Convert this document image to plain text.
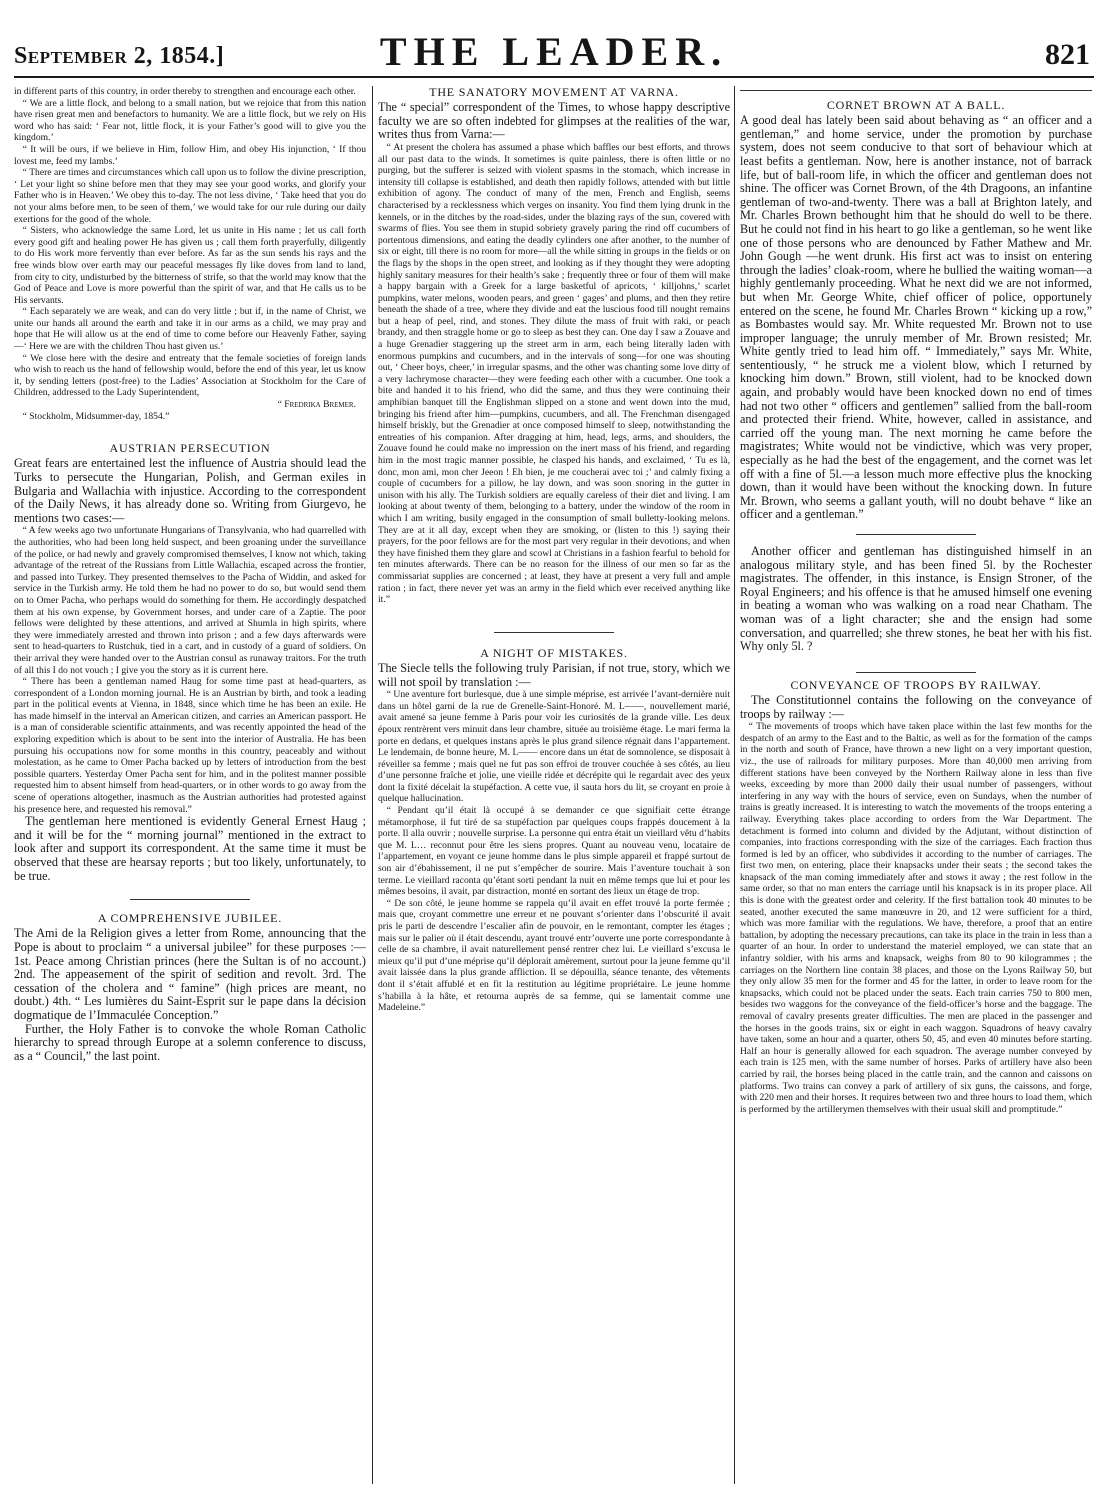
September 2, 1854.]	THE LEADER.	821

in different parts of this country, in order thereby to strengthen and encourage each other.

“ We are a little flock, and belong to a small nation, but we rejoice that from this nation have risen great men and benefactors to humanity. We are a little flock, but we rely on His word who has said: ‘ Fear not, little flock, it is your Father’s good will to give you the kingdom.’

“ It will be ours, if we believe in Him, follow Him, and obey His injunction, ‘ If thou lovest me, feed my lambs.’

“ There are times and circumstances which call upon us to follow the divine prescription, ‘ Let your light so shine before men that they may see your good works, and glorify your Father who is in Heaven.’ We obey this to-day. The not less divine, ‘ Take heed that you do not your alms before men, to be seen of them,’ we would take for our rule during our daily exertions for the good of the whole.

“ Sisters, who acknowledge the same Lord, let us unite in His name ; let us call forth every good gift and healing power He has given us ; call them forth prayerfully, diligently to do His work more fervently than ever before. As far as the sun sends his rays and the free winds blow over earth may our peaceful messages fly like doves from land to land, from city to city, undisturbed by the bitterness of strife, so that the world may know that the God of Peace and Love is more powerful than the spirit of war, and that He calls us to be His servants.

“ Each separately we are weak, and can do very little ; but if, in the name of Christ, we unite our hands all around the earth and take it in our arms as a child, we may pray and hope that He will allow us at the end of time to come before our Heavenly Father, saying—‘ Here we are with the children Thou hast given us.’

“ We close here with the desire and entreaty that the female societies of foreign lands who wish to reach us the hand of fellowship would, before the end of this year, let us know it, by sending letters (post-free) to the Ladies’ Association at Stockholm for the Care of Children, addressed to the Lady Superintendent,

“ Fredrika Bremer.

“ Stockholm, Midsummer-day, 1854.”

AUSTRIAN PERSECUTION

Great fears are entertained lest the influence of Austria should lead the Turks to persecute the Hungarian, Polish, and German exiles in Bulgaria and Wallachia with injustice. According to the correspondent of the Daily News, it has already done so. Writing from Giurgevo, he mentions two cases:—

“ A few weeks ago two unfortunate Hungarians of Transylvania, who had quarrelled with the authorities, who had been long held suspect, and been groaning under the surveillance of the police, or had newly and gravely compromised themselves, I know not which, taking advantage of the retreat of the Russians from Little Wallachia, escaped across the frontier, and passed into Turkey. They presented themselves to the Pacha of Widdin, and asked for service in the Turkish army. He told them he had no power to do so, but would send them on to Omer Pacha, who perhaps would do something for them. He accordingly despatched them at his own expense, by Government horses, and under care of a Zaptie. The poor fellows were delighted by these attentions, and arrived at Shumla in high spirits, where they were immediately arrested and thrown into prison ; and a few days afterwards were sent to head-quarters to Rustchuk, tied in a cart, and in custody of a guard of soldiers. On their arrival they were handed over to the Austrian consul as runaway traitors. For the truth of all this I do not vouch ; I give you the story as it is current here.

“ There has been a gentleman named Haug for some time past at head-quarters, as correspondent of a London morning journal. He is an Austrian by birth, and took a leading part in the political events at Vienna, in 1848, since which time he has been an exile. He has made himself in the interval an American citizen, and carries an American passport. He is a man of considerable scientific attainments, and was recently appointed the head of the exploring expedition which is about to be sent into the interior of Australia. He has been pursuing his occupations now for some months in this country, peaceably and without molestation, as he came to Omer Pacha backed up by letters of introduction from the best possible quarters. Yesterday Omer Pacha sent for him, and in the politest manner possible requested him to absent himself from head-quarters, or in other words to go away from the scene of operations altogether, inasmuch as the Austrian authorities had protested against his presence here, and requested his removal.”

The gentleman here mentioned is evidently General Ernest Haug ; and it will be for the “ morning journal” mentioned in the extract to look after and support its correspondent. At the same time it must be observed that these are hearsay reports ; but too likely, unfortunately, to be true.

A COMPREHENSIVE JUBILEE.

The Ami de la Religion gives a letter from Rome, announcing that the Pope is about to proclaim “ a universal jubilee” for these purposes :—1st. Peace among Christian princes (here the Sultan is of no account.) 2nd. The appeasement of the spirit of sedition and revolt. 3rd. The cessation of the cholera and “ famine” (high prices are meant, no doubt.) 4th. “ Les lumières du Saint-Esprit sur le pape dans la décision dogmatique de l’Immaculée Conception.”

Further, the Holy Father is to convoke the whole Roman Catholic hierarchy to spread through Europe at a solemn conference to discuss, as a “ Council,” the last point.

THE SANATORY MOVEMENT AT VARNA.

The “ special” correspondent of the Times, to whose happy descriptive faculty we are so often indebted for glimpses at the realities of the war, writes thus from Varna:—

“ At present the cholera has assumed a phase which baffles our best efforts, and throws all our past data to the winds. It sometimes is quite painless, there is often little or no purging, but the sufferer is seized with violent spasms in the stomach, which increase in intensity till collapse is established, and death then rapidly follows, attended with but little exhibition of agony. The conduct of many of the men, French and English, seems characterised by a recklessness which verges on insanity. You find them lying drunk in the kennels, or in the ditches by the road-sides, under the blazing rays of the sun, covered with swarms of flies. You see them in stupid sobriety gravely paring the rind off cucumbers of portentous dimensions, and eating the deadly cylinders one after another, to the number of six or eight, till there is no room for more—all the while sitting in groups in the fields or on the flags by the shops in the open street, and looking as if they thought they were adopting highly sanitary measures for their health’s sake ; frequently three or four of them will make a happy bargain with a Greek for a large basketful of apricots, ‘ killjohns,’ scarlet pumpkins, water melons, wooden pears, and green ‘ gages’ and plums, and then they retire beneath the shade of a tree, where they divide and eat the luscious food till nought remains but a heap of peel, rind, and stones. They dilute the mass of fruit with raki, or peach brandy, and then straggle home or go to sleep as best they can. One day I saw a Zouave and a huge Grenadier staggering up the street arm in arm, each being literally laden with enormous pumpkins and cucumbers, and in the intervals of song—for one was shouting out, ‘ Cheer boys, cheer,’ in irregular spasms, and the other was chanting some love ditty of a very lachrymose character—they were feeding each other with a cucumber. One took a bite and handed it to his friend, who did the same, and thus they were continuing their amphibian banquet till the Englishman slipped on a stone and went down into the mud, bringing his friend after him—pumpkins, cucumbers, and all. The Frenchman disengaged himself briskly, but the Grenadier at once composed himself to sleep, notwithstanding the entreaties of his companion. After dragging at him, head, legs, arms, and shoulders, the Zouave found he could make no impression on the inert mass of his friend, and regarding him in the most tragic manner possible, he clasped his hands, and exclaimed, ‘ Tu es là, donc, mon ami, mon cher Jeeon ! Eh bien, je me coucherai avec toi ;’ and calmly fixing a couple of cucumbers for a pillow, he lay down, and was soon snoring in the gutter in unison with his ally. The Turkish soldiers are equally careless of their diet and living. I am looking at about twenty of them, belonging to a battery, under the window of the room in which I am writing, busily engaged in the consumption of small bulletty-looking melons. They are at it all day, except when they are smoking, or (listen to this !) saying their prayers, for the poor fellows are for the most part very regular in their devotions, and when they have finished them they glare and scowl at Christians in a fashion fearful to behold for ten minutes afterwards. There can be no reason for the illness of our men so far as the commissariat supplies are concerned ; at least, they have at present a very full and ample ration ; in fact, there never yet was an army in the field which ever received anything like it.”

A NIGHT OF MISTAKES.

The Siecle tells the following truly Parisian, if not true, story, which we will not spoil by translation :—

“ Une aventure fort burlesque, due à une simple méprise, est arrivée l’avant-dernière nuit dans un hôtel garni de la rue de Grenelle-Saint-Honoré. M. L——, nouvellement marié, avait amené sa jeune femme à Paris pour voir les curiosités de la grande ville. Les deux époux rentrèrent vers minuit dans leur chambre, située au troisième étage. Le mari ferma la porte en dedans, et quelques instans après le plus grand silence régnait dans l’appartement. Le lendemain, de bonne heure, M. L—— encore dans un état de somnolence, se disposait à réveiller sa femme ; mais quel ne fut pas son effroi de trouver couchée à ses côtés, au lieu d’une personne fraîche et jolie, une vieille ridée et décrépite qui le regardait avec des yeux dont la fixité décelait la stupéfaction. A cette vue, il sauta hors du lit, se croyant en proie à quelque hallucination.

“ Pendant qu’il était là occupé à se demander ce que signifiait cette étrange métamorphose, il fut tiré de sa stupéfaction par quelques coups frappés doucement à la porte. Il alla ouvrir ; nouvelle surprise. La personne qui entra était un vieillard vêtu d’habits que M. L… reconnut pour être les siens propres. Quant au nouveau venu, locataire de l’appartement, en voyant ce jeune homme dans le plus simple appareil et frappé surtout de son air d’ébahissement, il ne put s’empêcher de sourire. Mais l’aventure touchait à son terme. Le vieillard raconta qu’étant sorti pendant la nuit en même temps que lui et pour les mêmes besoins, il avait, par distraction, monté en sortant des lieux un étage de trop.

“ De son côté, le jeune homme se rappela qu’il avait en effet trouvé la porte fermée ; mais que, croyant commettre une erreur et ne pouvant s’orienter dans l’obscurité il avait pris le parti de descendre l’escalier afin de pouvoir, en le remontant, compter les étages ; mais sur le palier où il était descendu, ayant trouvé entr’ouverte une porte correspondante à celle de sa chambre, il avait naturellement pensé rentrer chez lui. Le vieillard s’excusa le mieux qu’il put d’une méprise qu’il déplorait amèrement, surtout pour la jeune femme qu’il avait laissée dans la plus grande affliction. Il se dépouilla, séance tenante, des vêtements dont il s’était affublé et en fit la restitution au légitime propriétaire. Le jeune homme s’habilla à la hâte, et retourna auprès de sa femme, qui se lamentait comme une Madeleine.”

CORNET BROWN AT A BALL.

A good deal has lately been said about behaving as “ an officer and a gentleman,” and home service, under the promotion by purchase system, does not seem conducive to that sort of behaviour which at least befits a gentleman. Now, here is another instance, not of barrack life, but of ball-room life, in which the officer and gentleman does not shine. The officer was Cornet Brown, of the 4th Dragoons, an infantine gentleman of two-and-twenty. There was a ball at Brighton lately, and Mr. Charles Brown bethought him that he should do well to be there. But he could not find in his heart to go like a gentleman, so he went like one of those persons who are denounced by Father Mathew and Mr. John Gough —he went drunk. His first act was to insist on entering through the ladies’ cloak-room, where he bullied the waiting woman—a highly gentlemanly proceeding. What he next did we are not informed, but when Mr. George White, chief officer of police, opportunely entered on the scene, he found Mr. Charles Brown “ kicking up a row,” as Bombastes would say. Mr. White requested Mr. Brown not to use improper language; the unruly member of Mr. Brown resisted; Mr. White gently tried to lead him off. “ Immediately,” says Mr. White, sententiously, “ he struck me a violent blow, which I returned by knocking him down.” Brown, still violent, had to be knocked down again, and probably would have been knocked down no end of times had not two other “ officers and gentlemen” sallied from the ball-room and protected their friend. White, however, called in assistance, and carried off the young man. The next morning he came before the magistrates; White would not be vindictive, which was very proper, especially as he had the best of the engagement, and the cornet was let off with a fine of 5l.—a lesson much more effective plus the knocking down, than it would have been without the knocking down. In future Mr. Brown, who seems a gallant youth, will no doubt behave “ like an officer and a gentleman.”

Another officer and gentleman has distinguished himself in an analogous military style, and has been fined 5l. by the Rochester magistrates. The offender, in this instance, is Ensign Stroner, of the Royal Engineers; and his offence is that he amused himself one evening in beating a woman who was walking on a road near Chatham. The woman was of a light character; she and the ensign had some conversation, and quarrelled; she threw stones, he beat her with his fist. Why only 5l. ?

CONVEYANCE OF TROOPS BY RAILWAY.

The Constitutionnel contains the following on the conveyance of troops by railway :—

“ The movements of troops which have taken place within the last few months for the despatch of an army to the East and to the Baltic, as well as for the formation of the camps in the north and south of France, have thrown a new light on a very important question, viz., the use of railroads for military purposes. More than 40,000 men arriving from different stations have been conveyed by the Northern Railway alone in less than five weeks, exceeding by more than 2000 daily their usual number of passengers, without interfering in any way with the hours of service, even on Sundays, when the number of trains is greatly increased. It is interesting to watch the movements of the troops entering a railway. Everything takes place according to orders from the War Department. The detachment is formed into column and divided by the Adjutant, without distinction of companies, into fractions corresponding with the size of the carriages. Each fraction thus formed is led by an officer, who subdivides it according to the number of carriages. The first two men, on entering, place their knapsacks under their seats ; the second takes the knapsack of the man coming immediately after and stows it away ; the rest follow in the same order, so that no man enters the carriage until his knapsack is in its proper place. All this is done with the greatest order and celerity. If the first battalion took 40 minutes to be seated, another executed the same manœuvre in 20, and 12 were sufficient for a third, which was more familiar with the regulations. We have, therefore, a proof that an entire battalion, by adopting the necessary precautions, can take its place in the train in less than a quarter of an hour. In order to understand the materiel employed, we can state that an infantry soldier, with his arms and knapsack, weighs from 80 to 90 kilogrammes ; the carriages on the Northern line contain 38 places, and those on the Lyons Railway 50, but they only allow 35 men for the former and 45 for the latter, in order to leave room for the knapsacks, which could not be placed under the seats. Each train carries 750 to 800 men, besides two waggons for the conveyance of the field-officer’s horse and the baggage. The removal of cavalry presents greater difficulties. The men are placed in the passenger and the horses in the goods trains, six or eight in each waggon. Squadrons of heavy cavalry have taken, some an hour and a quarter, others 50, 45, and even 40 minutes before starting. Half an hour is generally allowed for each squadron. The average number conveyed by each train is 125 men, with the same number of horses. Parks of artillery have also been carried by rail, the horses being placed in the cattle train, and the cannon and caissons on platforms. Two trains can convey a park of artillery of six guns, the caissons, and forge, with 220 men and their horses. It requires between two and three hours to load them, which is performed by the artillerymen themselves with their usual skill and promptitude.”
